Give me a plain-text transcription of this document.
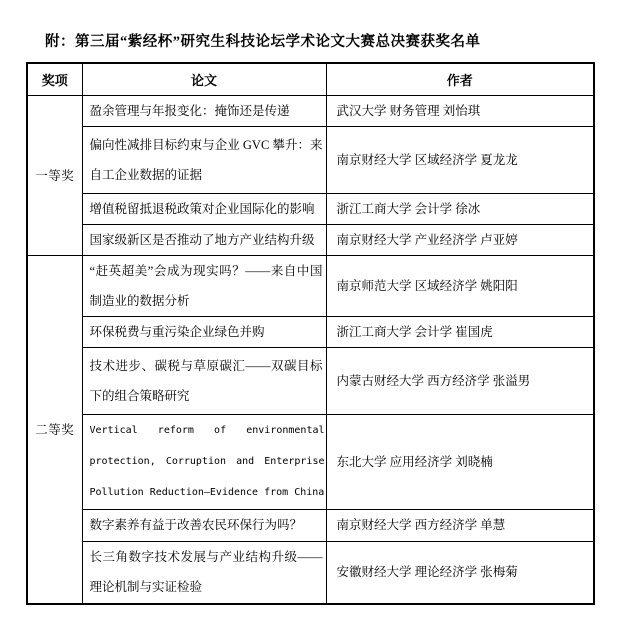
附：第三届“紫经杯”研究生科技论坛学术论文大赛总决赛获奖名单
奖项	论文	作者
一等奖	盈余管理与年报变化：掩饰还是传递	武汉大学 财务管理 刘怡琪
	偏向性减排目标约束与企业 GVC 攀升：来自工企业数据的证据	南京财经大学 区域经济学 夏龙龙
	增值税留抵退税政策对企业国际化的影响	浙江工商大学 会计学 徐冰
	国家级新区是否推动了地方产业结构升级	南京财经大学 产业经济学 卢亚婷
二等奖	“赶英超美”会成为现实吗？——来自中国制造业的数据分析	南京师范大学 区域经济学 姚阳阳
	环保税费与重污染企业绿色并购	浙江工商大学 会计学 崔国虎
	技术进步、碳税与草原碳汇——双碳目标下的组合策略研究	内蒙古财经大学 西方经济学 张溢男

	Vertical reform of environmental protection, Corruption and Enterprise Pollution Reduction—Evidence from China	东北大学 应用经济学 刘晓楠
	数字素养有益于改善农民环保行为吗？	南京财经大学 西方经济学 单慧
	长三角数字技术发展与产业结构升级——理论机制与实证检验	安徽财经大学 理论经济学 张梅菊
